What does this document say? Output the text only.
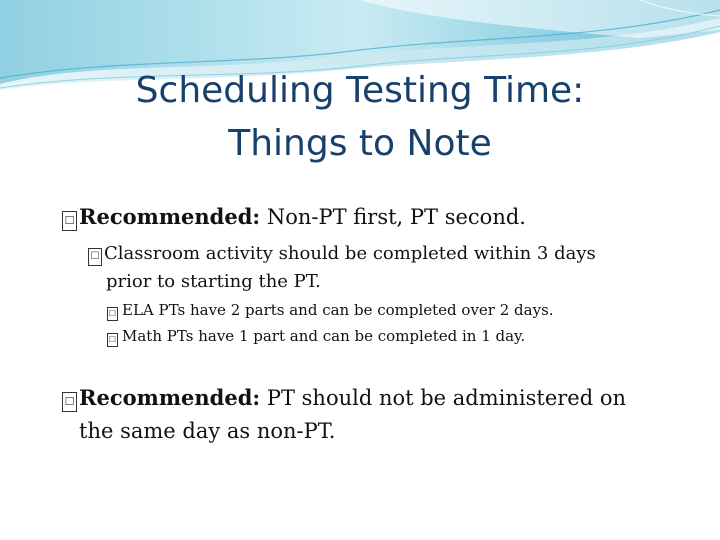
Scheduling Testing Time:
Things to Note
☐ Recommended: Non-PT first, PT second.
☐ Classroom activity should be completed within 3 days
prior to starting the PT.
☐ ELA PTs have 2 parts and can be completed over 2 days.
☐ Math PTs have 1 part and can be completed in 1 day.
☐ Recommended: PT should not be administered on
the same day as non-PT.
